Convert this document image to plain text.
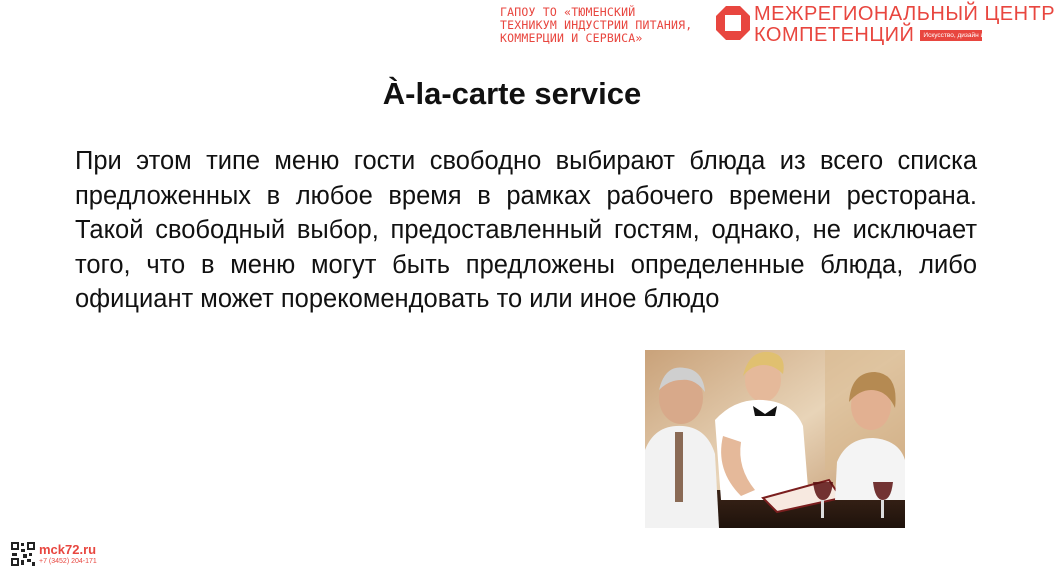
ГАПОУ ТО «ТЮМЕНСКИЙ
ТЕХНИКУМ ИНДУСТРИИ ПИТАНИЯ,
КОММЕРЦИИ И СЕРВИСА»
МЕЖРЕГИОНАЛЬНЫЙ ЦЕНТР
КОМПЕТЕНЦИЙ	Искусство, дизайн и сфера услуг
À-la-carte service

При этом типе меню гости свободно выбирают блюда из всего списка предложенных в любое время в рамках рабочего времени ресторана. Такой свободный выбор, предоставленный гостям, однако, не исключает того, что в меню могут быть предложены определенные блюда, либо официант может порекомендовать то или иное блюдо

mck72.ru
+7 (3452) 204-171
